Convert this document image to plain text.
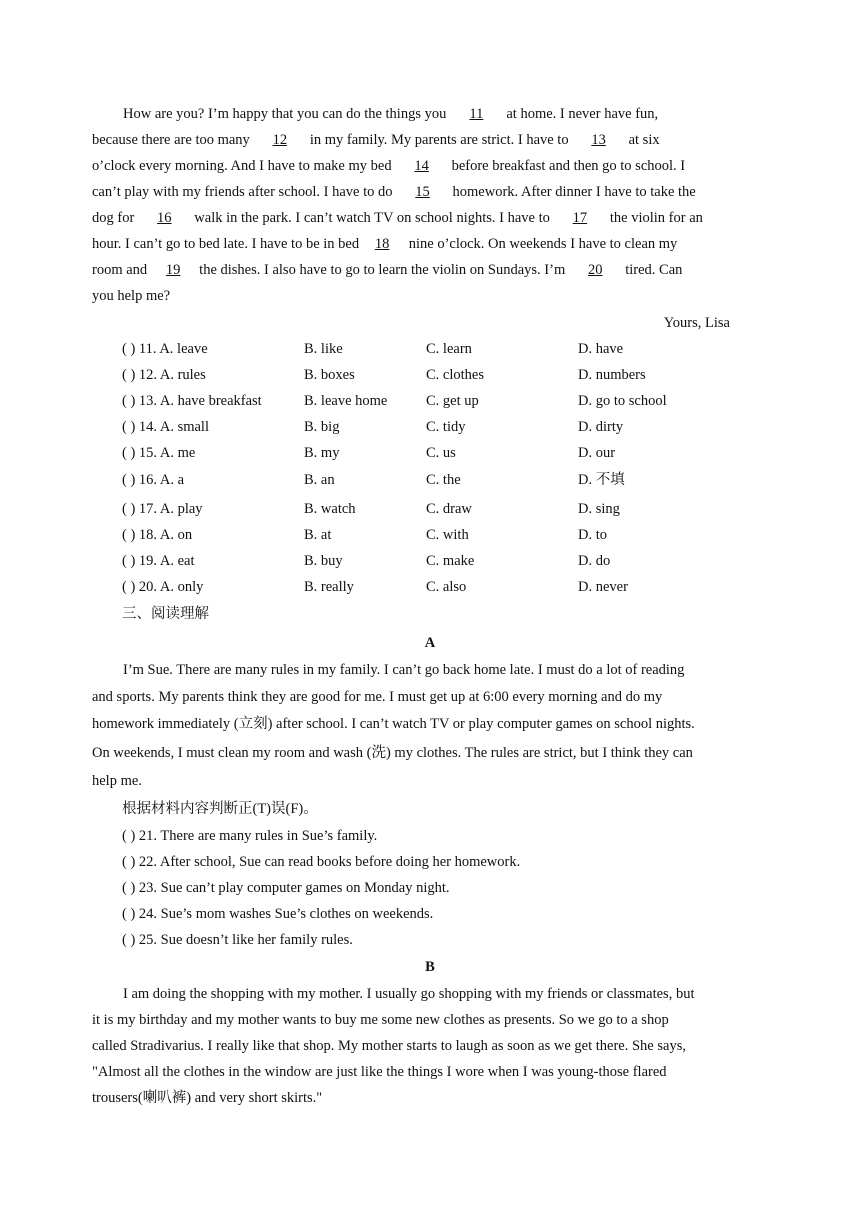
How are you? I’m happy that you can do the things you 11 at home. I never have fun,
because there are too many 12 in my family. My parents are strict. I have to 13 at six
o’clock every morning. And I have to make my bed 14 before breakfast and then go to school. I
can’t play with my friends after school. I have to do 15 homework. After dinner I have to take the
dog for 16 walk in the park. I can’t watch TV on school nights. I have to 17 the violin for an
hour. I can’t go to bed late. I have to be in bed 18 nine o’clock. On weekends I have to clean my
room and 19 the dishes. I also have to go to learn the violin on Sundays. I’m 20 tired. Can
you help me?
Yours, Lisa
( ) 11. A. leave	B. like	C. learn	D. have
( ) 12. A. rules	B. boxes	C. clothes	D. numbers
( ) 13. A. have breakfast	B. leave home	C. get up	D. go to school
( ) 14. A. small	B. big	C. tidy	D. dirty
( ) 15. A. me	B. my	C. us	D. our
( ) 16. A. a	B. an	C. the	D. 不填
( ) 17. A. play	B. watch	C. draw	D. sing
( ) 18. A. on	B. at	C. with	D. to
( ) 19. A. eat	B. buy	C. make	D. do
( ) 20. A. only	B. really	C. also	D. never
三、阅读理解
A
I’m Sue. There are many rules in my family. I can’t go back home late. I must do a lot of reading
and sports. My parents think they are good for me. I must get up at 6:00 every morning and do my
homework immediately (立刻) after school. I can’t watch TV or play computer games on school nights.
On weekends, I must clean my room and wash (洗) my clothes. The rules are strict, but I think they can
help me.
根据材料内容判断正(T)误(F)。
( ) 21. There are many rules in Sue’s family.
( ) 22. After school, Sue can read books before doing her homework.
( ) 23. Sue can’t play computer games on Monday night.
( ) 24. Sue’s mom washes Sue’s clothes on weekends.
( ) 25. Sue doesn’t like her family rules.
B
I am doing the shopping with my mother. I usually go shopping with my friends or classmates, but
it is my birthday and my mother wants to buy me some new clothes as presents. So we go to a shop
called Stradivarius. I really like that shop. My mother starts to laugh as soon as we get there. She says,
"Almost all the clothes in the window are just like the things I wore when I was young-those flared
trousers(喇叭裤) and very short skirts."
